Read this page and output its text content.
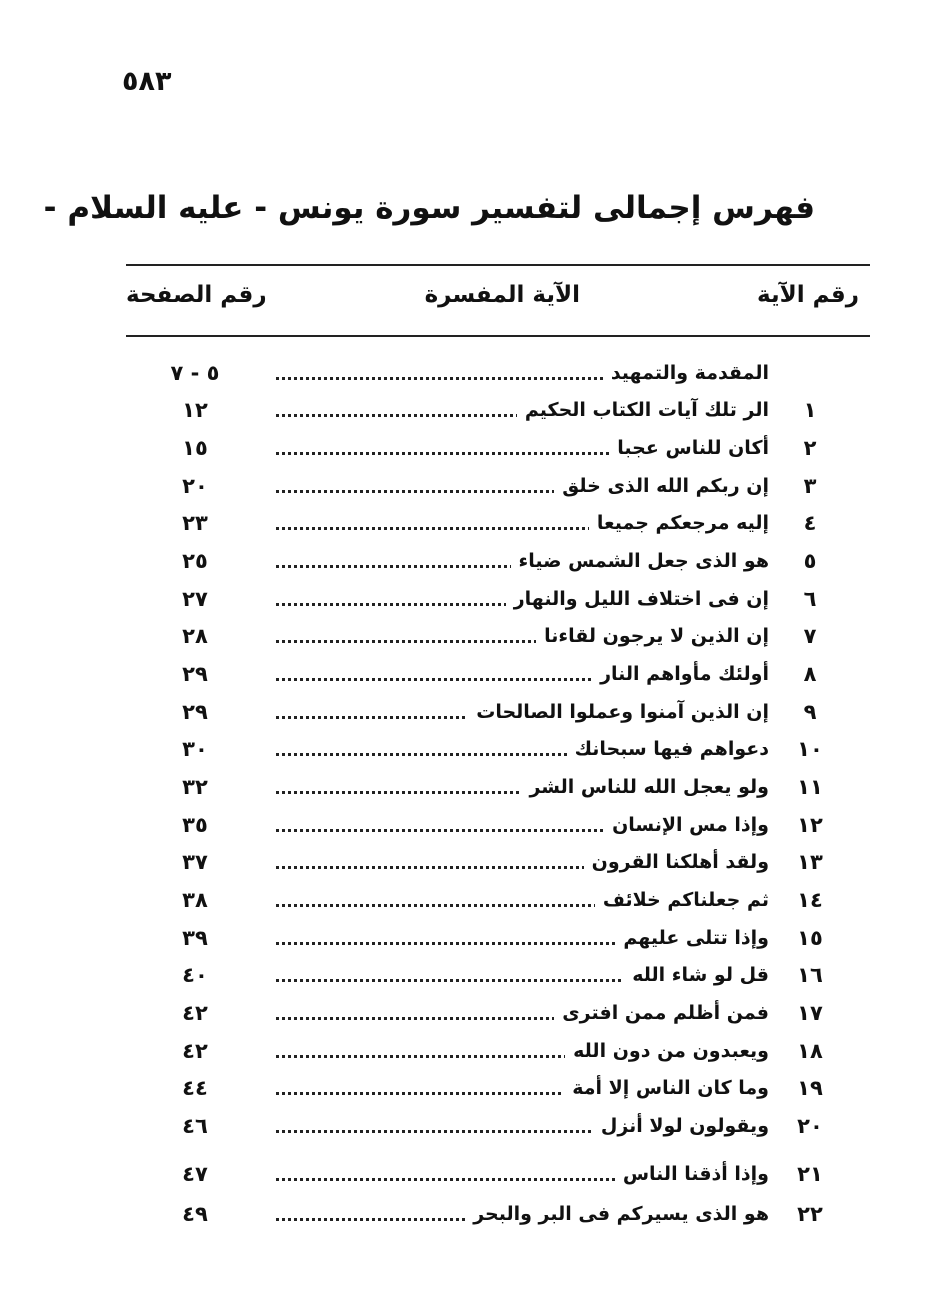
٥٨٣
فهرس إجمالى لتفسير سورة يونس - عليه السلام -
رقم الآية
الآية المفسرة
رقم الصفحة
المقدمة والتمهيد
٥ - ٧
١
الر تلك آيات الكتاب الحكيم
١٢
٢
أكان للناس عجبا
١٥
٣
إن ربكم الله الذى خلق
٢٠
٤
إليه مرجعكم جميعا
٢٣
٥
هو الذى جعل الشمس ضياء
٢٥
٦
إن فى اختلاف الليل والنهار
٢٧
٧
إن الذين لا يرجون لقاءنا
٢٨
٨
أولئك مأواهم النار
٢٩
٩
إن الذين آمنوا وعملوا الصالحات
٢٩
١٠
دعواهم فيها سبحانك
٣٠
١١
ولو يعجل الله للناس الشر
٣٢
١٢
وإذا مس الإنسان
٣٥
١٣
ولقد أهلكنا القرون
٣٧
١٤
ثم جعلناكم خلائف
٣٨
١٥
وإذا تتلى عليهم
٣٩
١٦
قل لو شاء الله
٤٠
١٧
فمن أظلم ممن افترى
٤٢
١٨
ويعبدون من دون الله
٤٢
١٩
وما كان الناس إلا أمة
٤٤
٢٠
ويقولون لولا أنزل
٤٦
٢١
وإذا أذقنا الناس
٤٧
٢٢
هو الذى يسيركم فى البر والبحر
٤٩
